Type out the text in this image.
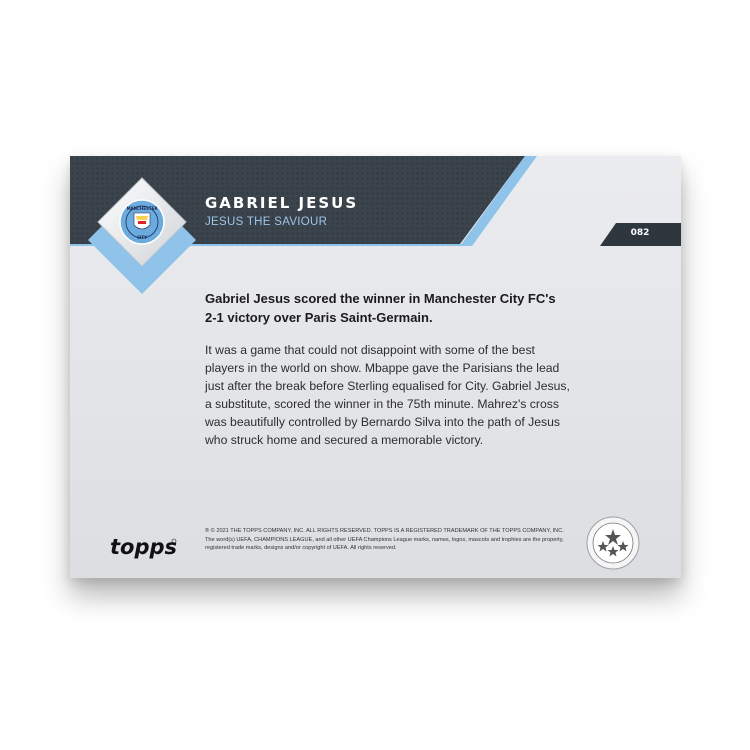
MANCHESTER
CITY
GABRIEL JESUS
JESUS THE SAVIOUR
082

Gabriel Jesus scored the winner in Manchester City FC's 2-1 victory over Paris Saint-Germain.

It was a game that could not disappoint with some of the best players in the world on show. Mbappe gave the Parisians the lead just after the break before Sterling equalised for City. Gabriel Jesus, a substitute, scored the winner in the 75th minute. Mahrez's cross was beautifully controlled by Bernardo Silva into the path of Jesus who struck home and secured a memorable victory.

topps

® © 2021 THE TOPPS COMPANY, INC. ALL RIGHTS RESERVED. TOPPS IS A REGISTERED TRADEMARK OF THE TOPPS COMPANY, INC. The word(s) UEFA, CHAMPIONS LEAGUE, and all other UEFA Champions League marks, names, logos, mascots and trophies are the property, registered trade marks, designs and/or copyright of UEFA. All rights reserved.
